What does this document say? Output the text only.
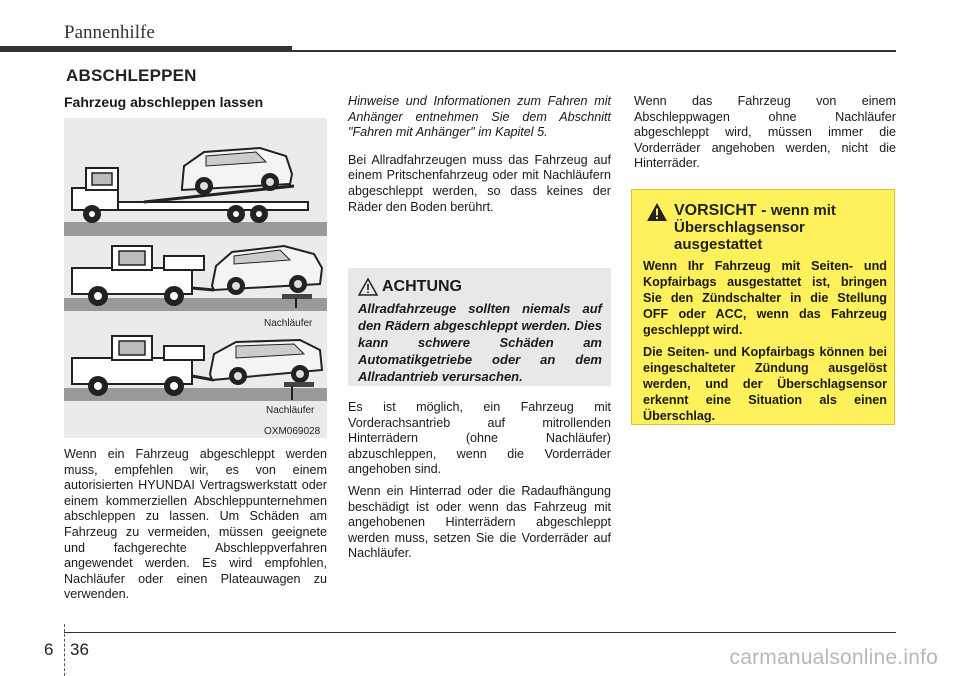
Pannenhilfe
ABSCHLEPPEN
Fahrzeug abschleppen lassen
Nachläufer
Nachläufer
OXM069028

Wenn ein Fahrzeug abgeschleppt werden muss, empfehlen wir, es von einem autorisierten HYUNDAI Vertragswerkstatt oder einem kommerziellen Abschleppunternehmen abschleppen zu lassen. Um Schäden am Fahrzeug zu vermeiden, müssen geeignete und fachgerechte Abschleppverfahren angewendet werden. Es wird empfohlen, Nachläufer oder einen Plateauwagen zu verwenden.

Hinweise und Informationen zum Fahren mit Anhänger entnehmen Sie dem Abschnitt "Fahren mit Anhänger" im Kapitel 5.

Bei Allradfahrzeugen muss das Fahrzeug auf einem Pritschenfahrzeug oder mit Nachläufern abgeschleppt werden, so dass keines der Räder den Boden berührt.

ACHTUNG
Allradfahrzeuge sollten niemals auf den Rädern abgeschleppt werden. Dies kann schwere Schäden am Automatikgetriebe oder an dem Allradantrieb verursachen.

Es ist möglich, ein Fahrzeug mit Vorderachsantrieb auf mitrollenden Hinterrädern (ohne Nachläufer) abzuschleppen, wenn die Vorderräder angehoben sind.

Wenn ein Hinterrad oder die Radaufhängung beschädigt ist oder wenn das Fahrzeug mit angehobenen Hinterrädern abgeschleppt werden muss, setzen Sie die Vorderräder auf Nachläufer.

Wenn das Fahrzeug von einem Abschleppwagen ohne Nachläufer abgeschleppt wird, müssen immer die Vorderräder angehoben werden, nicht die Hinterräder.

VORSICHT - wenn mit Überschlagsensor ausgestattet

Wenn Ihr Fahrzeug mit Seiten- und Kopfairbags ausgestattet ist, bringen Sie den Zündschalter in die Stellung OFF oder ACC, wenn das Fahrzeug geschleppt wird.

Die Seiten- und Kopfairbags können bei eingeschalteter Zündung ausgelöst werden, und der Überschlagsensor erkennt eine Situation als einen Überschlag.

6 36	carmanualsonline.info
